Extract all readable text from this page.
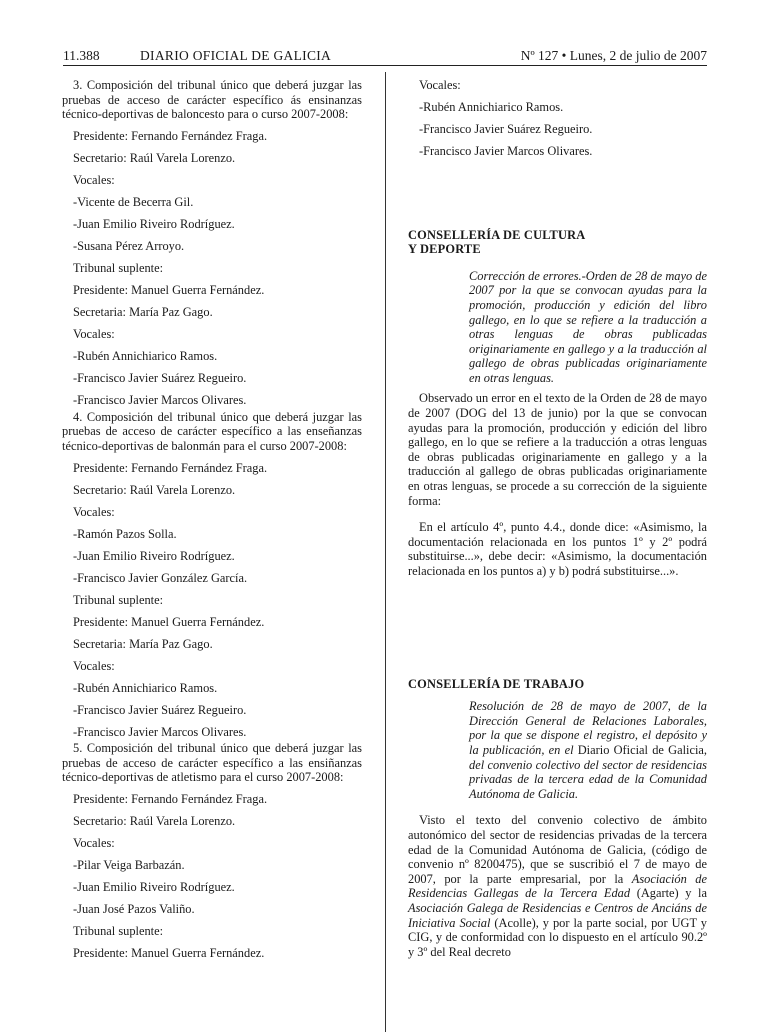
11.388	DIARIO OFICIAL DE GALICIA	Nº 127 • Lunes, 2 de julio de 2007

3. Composición del tribunal único que deberá juzgar las pruebas de acceso de carácter específico ás ensinanzas técnico-deportivas de baloncesto para o curso 2007-2008:

Presidente: Fernando Fernández Fraga.

Secretario: Raúl Varela Lorenzo.

Vocales:

-Vicente de Becerra Gil.

-Juan Emilio Riveiro Rodríguez.

-Susana Pérez Arroyo.

Tribunal suplente:

Presidente: Manuel Guerra Fernández.

Secretaria: María Paz Gago.

Vocales:

-Rubén Annichiarico Ramos.

-Francisco Javier Suárez Regueiro.

-Francisco Javier Marcos Olivares.

4. Composición del tribunal único que deberá juzgar las pruebas de acceso de carácter específico a las enseñanzas técnico-deportivas de balonmán para el curso 2007-2008:

Presidente: Fernando Fernández Fraga.

Secretario: Raúl Varela Lorenzo.

Vocales:

-Ramón Pazos Solla.

-Juan Emilio Riveiro Rodríguez.

-Francisco Javier González García.

Tribunal suplente:

Presidente: Manuel Guerra Fernández.

Secretaria: María Paz Gago.

Vocales:

-Rubén Annichiarico Ramos.

-Francisco Javier Suárez Regueiro.

-Francisco Javier Marcos Olivares.

5. Composición del tribunal único que deberá juzgar las pruebas de acceso de carácter específico a las ensiñanzas técnico-deportivas de atletismo para el curso 2007-2008:

Presidente: Fernando Fernández Fraga.

Secretario: Raúl Varela Lorenzo.

Vocales:

-Pilar Veiga Barbazán.

-Juan Emilio Riveiro Rodríguez.

-Juan José Pazos Valiño.

Tribunal suplente:

Presidente: Manuel Guerra Fernández.

Vocales:

-Rubén Annichiarico Ramos.

-Francisco Javier Suárez Regueiro.

-Francisco Javier Marcos Olivares.

CONSELLERÍA DE CULTURA

Y DEPORTE

Corrección de errores.-Orden de 28 de mayo de 2007 por la que se convocan ayudas para la promoción, producción y edición del libro gallego, en lo que se refiere a la traducción a otras lenguas de obras publicadas originariamente en gallego y a la traducción al gallego de obras publicadas originariamente en otras lenguas.

Observado un error en el texto de la Orden de 28 de mayo de 2007 (DOG del 13 de junio) por la que se convocan ayudas para la promoción, producción y edición del libro gallego, en lo que se refiere a la traducción a otras lenguas de obras publicadas originariamente en gallego y a la traducción al gallego de obras publicadas originariamente en otras lenguas, se procede a su corrección de la siguiente forma:

En el artículo 4º, punto 4.4., donde dice: «Asimismo, la documentación relacionada en los puntos 1º y 2º podrá substituirse...», debe decir: «Asimismo, la documentación relacionada en los puntos a) y b) podrá substituirse...».

CONSELLERÍA DE TRABAJO

Resolución de 28 de mayo de 2007, de la Dirección General de Relaciones Laborales, por la que se dispone el registro, el depósito y la publicación, en el Diario Oficial de Galicia, del convenio colectivo del sector de residencias privadas de la tercera edad de la Comunidad Autónoma de Galicia.

Visto el texto del convenio colectivo de ámbito autonómico del sector de residencias privadas de la tercera edad de la Comunidad Autónoma de Galicia, (código de convenio nº 8200475), que se suscribió el 7 de mayo de 2007, por la parte empresarial, por la Asociación de Residencias Gallegas de la Tercera Edad (Agarte) y la Asociación Galega de Residencias e Centros de Anciáns de Iniciativa Social (Acolle), y por la parte social, por UGT y CIG, y de conformidad con lo dispuesto en el artículo 90.2º y 3º del Real decreto
